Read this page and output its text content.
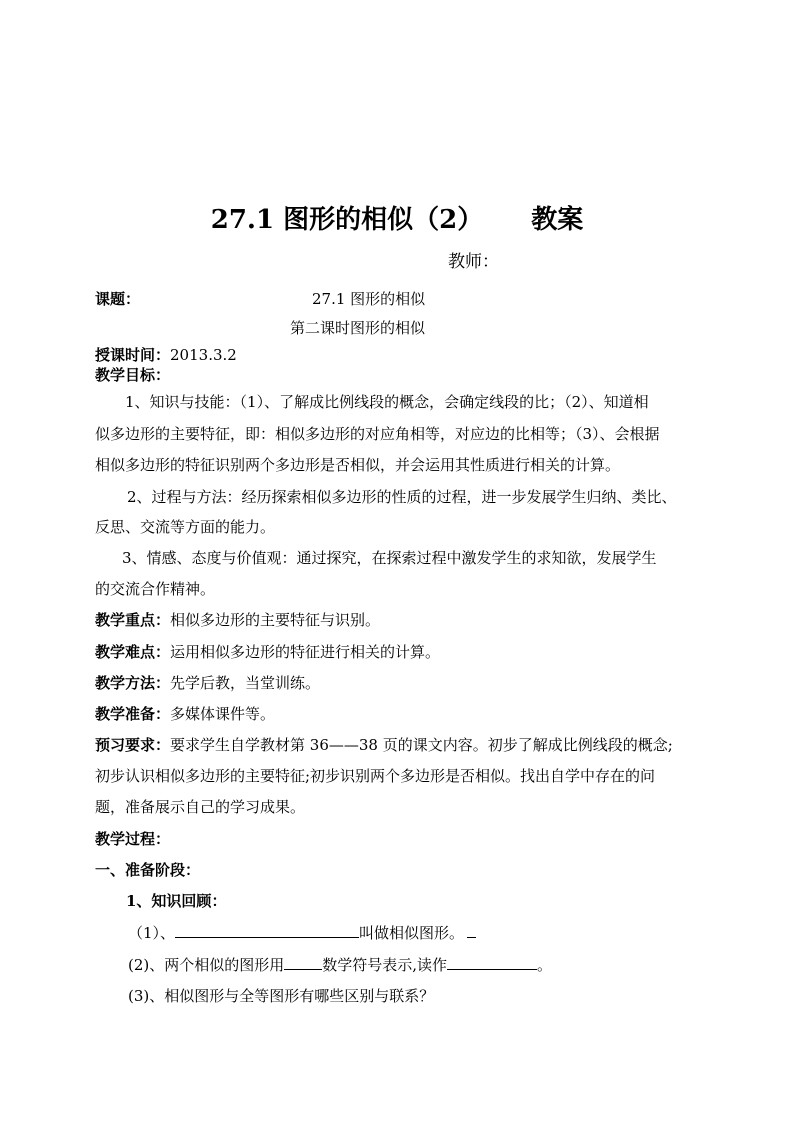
27.1 图形的相似（2） 教案
教师：
课题：	27.1 图形的相似
第二课时图形的相似
授课时间：2013.3.2
教学目标：
1、知识与技能：（1）、了解成比例线段的概念，会确定线段的比；（2）、知道相
似多边形的主要特征，即：相似多边形的对应角相等，对应边的比相等；（3）、会根据
相似多边形的特征识别两个多边形是否相似，并会运用其性质进行相关的计算。
2、过程与方法：经历探索相似多边形的性质的过程，进一步发展学生归纳、类比、
反思、交流等方面的能力。
3、情感、态度与价值观：通过探究，在探索过程中激发学生的求知欲，发展学生
的交流合作精神。
教学重点：相似多边形的主要特征与识别。
教学难点：运用相似多边形的特征进行相关的计算。
教学方法：先学后教，当堂训练。
教学准备：多媒体课件等。
预习要求：要求学生自学教材第 36——38 页的课文内容。初步了解成比例线段的概念;
初步认识相似多边形的主要特征;初步识别两个多边形是否相似。找出自学中存在的问
题，准备展示自己的学习成果。
教学过程：
一、准备阶段：
1、知识回顾：
（1）、	叫做相似图形。
(2)、两个相似的图形用	数学符号表示,读作	。
(3)、相似图形与全等图形有哪些区别与联系？
